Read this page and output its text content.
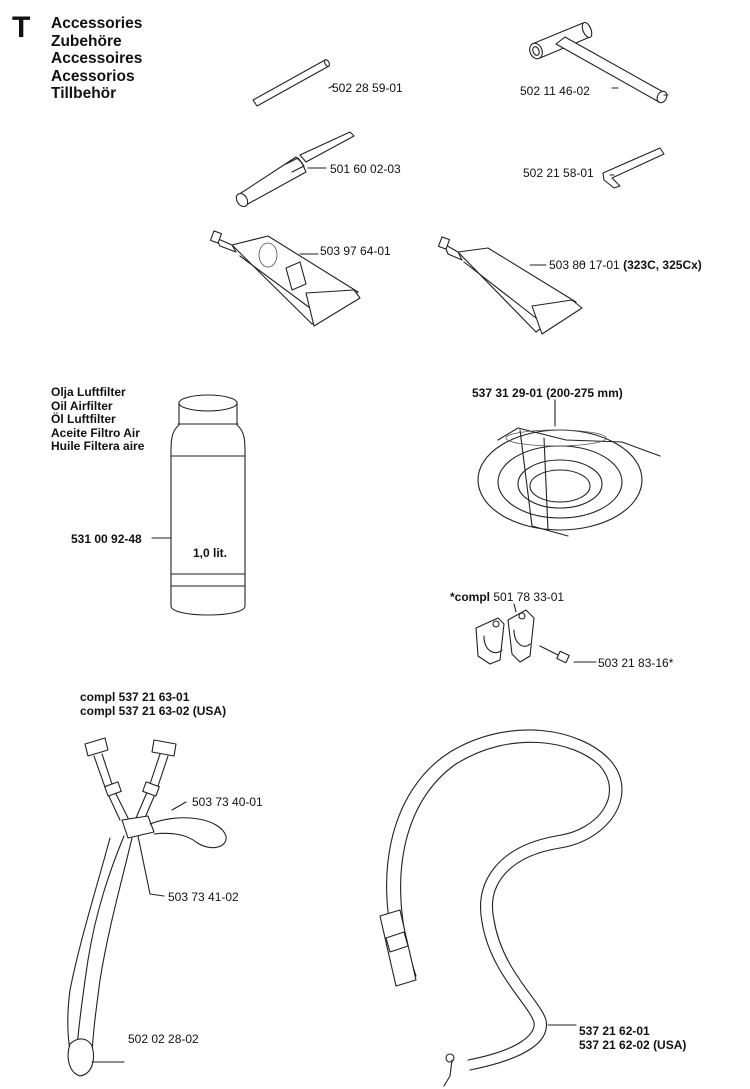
T Accessories
Zubehöre
Accessoires
Acessorios
Tillbehör
Olja Luftfilter
Oil Airfilter
Öl Luftfilter
Aceite Filtro Air
Huile Filtera aire
502 28 59-01	502 11 46-02
501 60 02-03	502 21 58-01
503 97 64-01
503 80 17-01 (323C, 325Cx)
537 31 29-01 (200-275 mm)
531 00 92-48
1,0 lit.
*compl 501 78 33-01
503 21 83-16*
compl 537 21 63-01
compl 537 21 63-02 (USA)
503 73 40-01
503 73 41-02
502 02 28-02
537 21 62-01
537 21 62-02 (USA)
